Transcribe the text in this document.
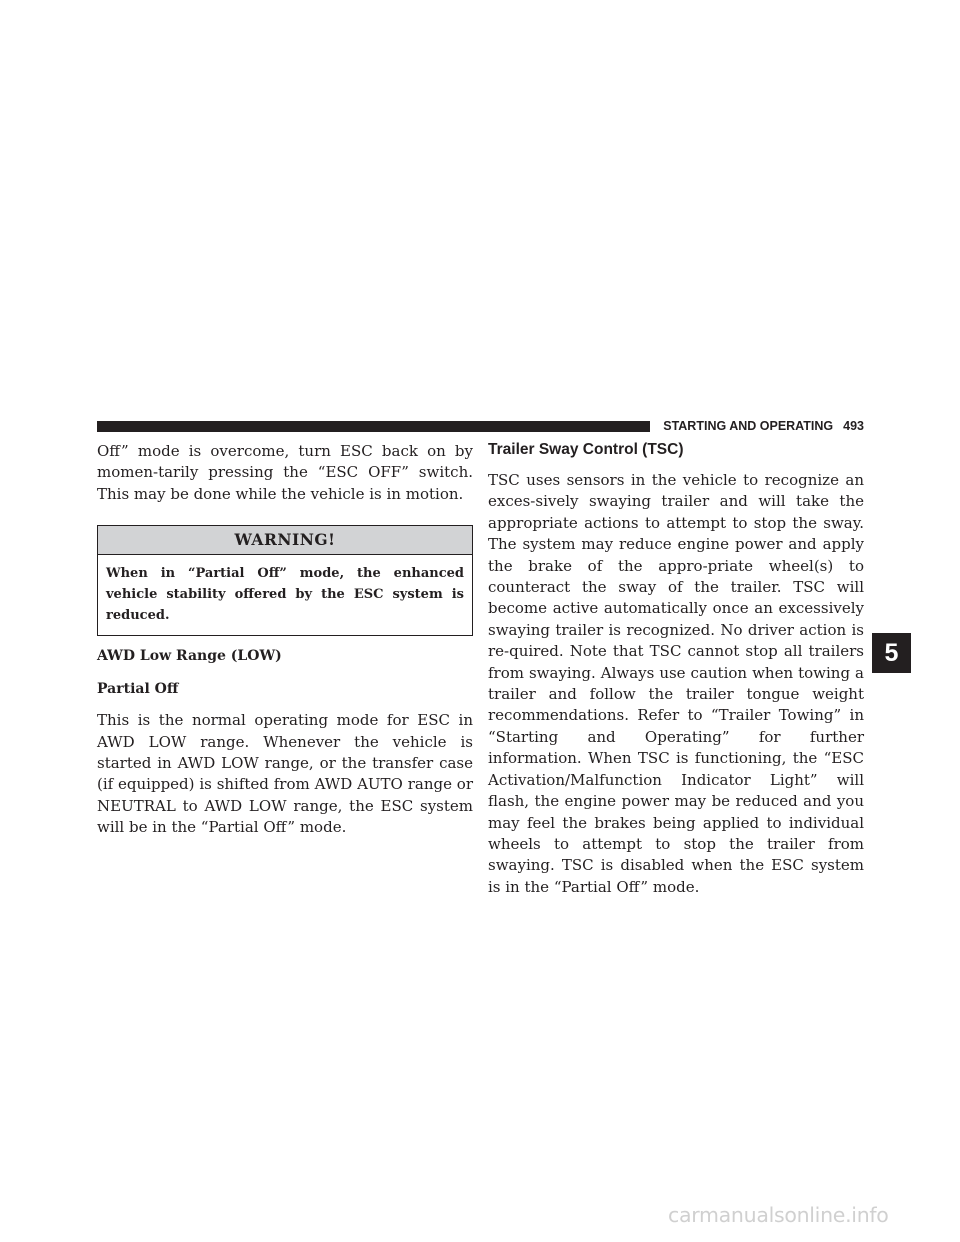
STARTING AND OPERATING 493

Off” mode is overcome, turn ESC back on by momen-tarily pressing the “ESC OFF” switch. This may be done while the vehicle is in motion.

WARNING!
When in “Partial Off” mode, the enhanced vehicle stability offered by the ESC system is reduced.

AWD Low Range (LOW)

Partial Off

This is the normal operating mode for ESC in AWD LOW range. Whenever the vehicle is started in AWD LOW range, or the transfer case (if equipped) is shifted from AWD AUTO range or NEUTRAL to AWD LOW range, the ESC system will be in the “Partial Off” mode.

Trailer Sway Control (TSC)

TSC uses sensors in the vehicle to recognize an exces-sively swaying trailer and will take the appropriate actions to attempt to stop the sway. The system may reduce engine power and apply the brake of the appro-priate wheel(s) to counteract the sway of the trailer. TSC will become active automatically once an excessively swaying trailer is recognized. No driver action is re-quired. Note that TSC cannot stop all trailers from swaying. Always use caution when towing a trailer and follow the trailer tongue weight recommendations. Refer to “Trailer Towing” in “Starting and Operating” for further information. When TSC is functioning, the “ESC Activation/Malfunction Indicator Light” will flash, the engine power may be reduced and you may feel the brakes being applied to individual wheels to attempt to stop the trailer from swaying. TSC is disabled when the ESC system is in the “Partial Off” mode.

5
carmanualsonline.info
